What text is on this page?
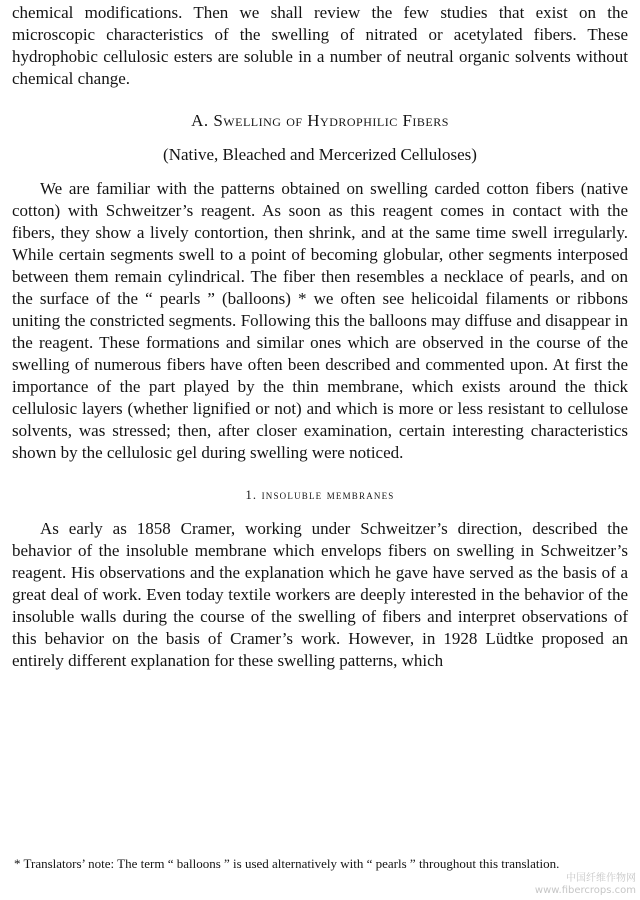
chemical modifications. Then we shall review the few studies that exist on the microscopic characteristics of the swelling of nitrated or acetylated fibers. These hydrophobic cellulosic esters are soluble in a number of neutral organic solvents without chemical change.

A. Swelling of Hydrophilic Fibers

(Native, Bleached and Mercerized Celluloses)

We are familiar with the patterns obtained on swelling carded cotton fibers (native cotton) with Schweitzer’s reagent. As soon as this reagent comes in contact with the fibers, they show a lively contortion, then shrink, and at the same time swell irregularly. While certain segments swell to a point of becoming globular, other segments interposed between them remain cylindrical. The fiber then resembles a necklace of pearls, and on the surface of the “ pearls ” (balloons) * we often see helicoidal filaments or ribbons uniting the constricted segments. Following this the balloons may diffuse and disappear in the reagent. These formations and similar ones which are observed in the course of the swelling of numerous fibers have often been described and commented upon. At first the importance of the part played by the thin membrane, which exists around the thick cellulosic layers (whether lignified or not) and which is more or less resistant to cellulose solvents, was stressed; then, after closer examination, certain interesting characteristics shown by the cellulosic gel during swelling were noticed.

1. insoluble membranes

As early as 1858 Cramer, working under Schweitzer’s direction, described the behavior of the insoluble membrane which envelops fibers on swelling in Schweitzer’s reagent. His observations and the explanation which he gave have served as the basis of a great deal of work. Even today textile workers are deeply interested in the behavior of the insoluble walls during the course of the swelling of fibers and interpret observations of this behavior on the basis of Cramer’s work. However, in 1928 Lüdtke proposed an entirely different explanation for these swelling patterns, which

* Translators’ note: The term “ balloons ” is used alternatively with “ pearls ” throughout this translation.

中国纤维作物网
www.fibercrops.com
